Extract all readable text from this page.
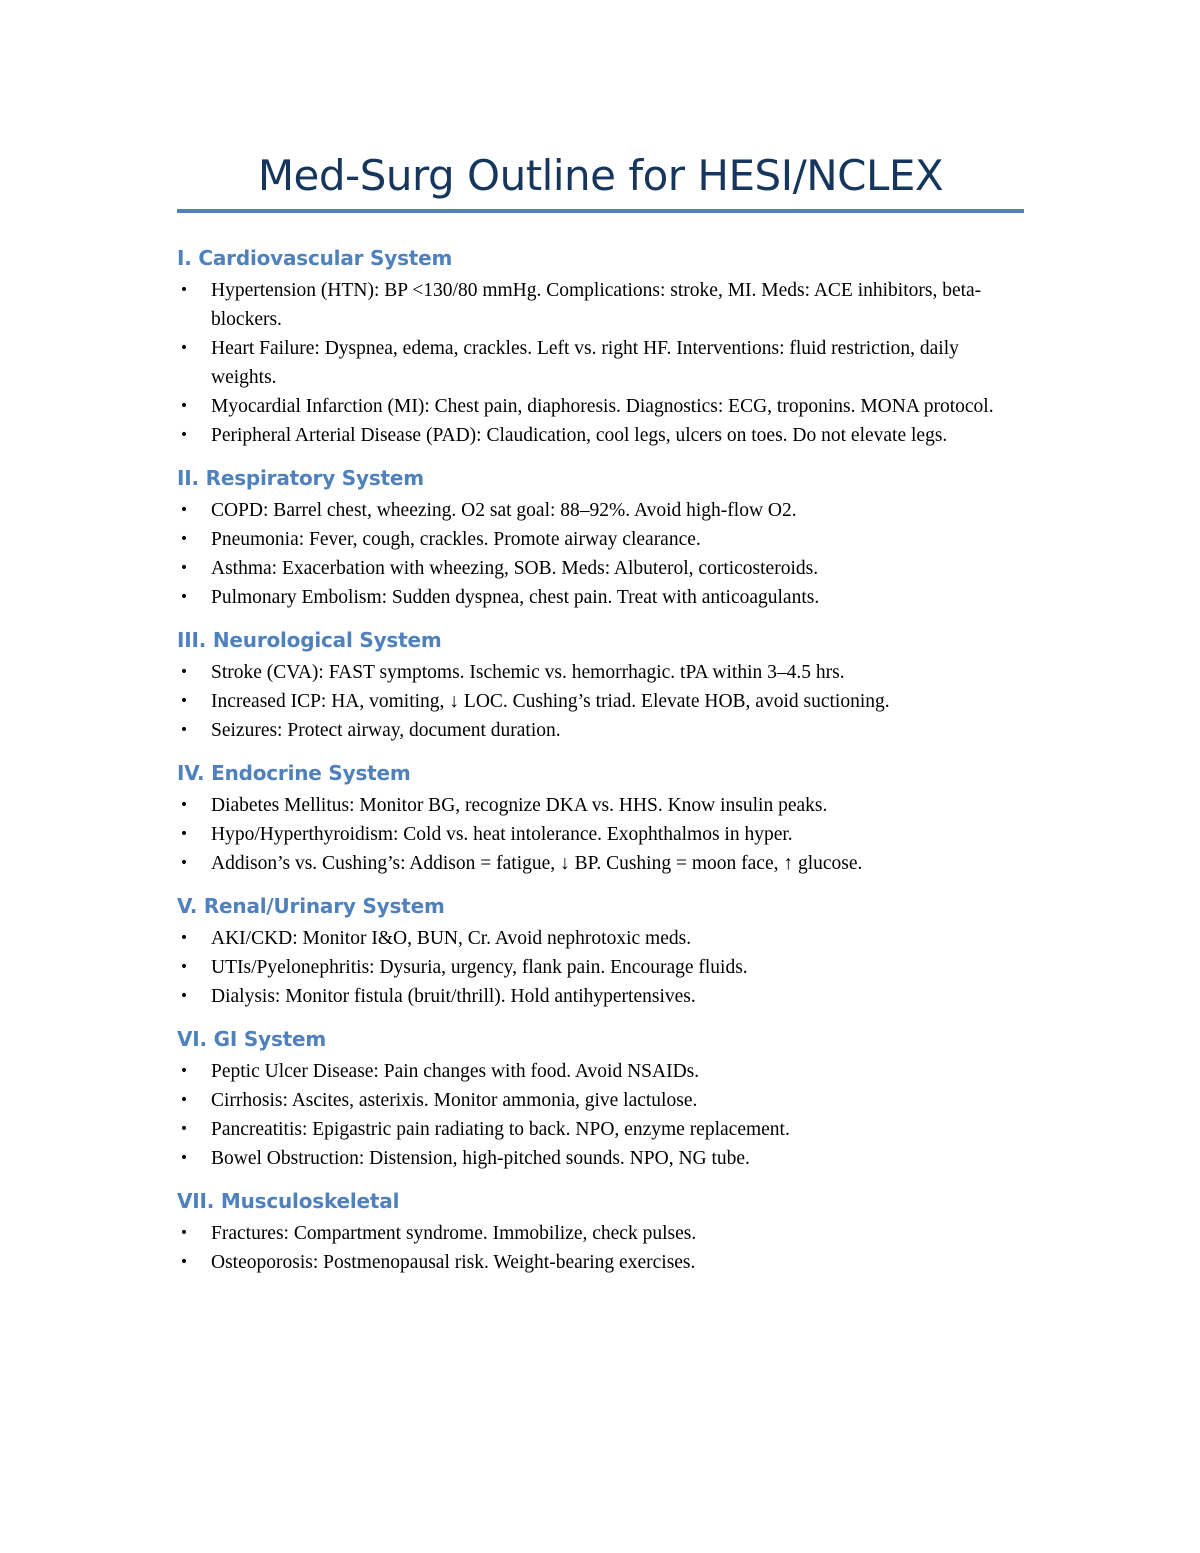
Med-Surg Outline for HESI/NCLEX
I. Cardiovascular System
• Hypertension (HTN): BP <130/80 mmHg. Complications: stroke, MI. Meds: ACE inhibitors, beta-blockers.
• Heart Failure: Dyspnea, edema, crackles. Left vs. right HF. Interventions: fluid restriction, daily weights.
• Myocardial Infarction (MI): Chest pain, diaphoresis. Diagnostics: ECG, troponins. MONA protocol.
• Peripheral Arterial Disease (PAD): Claudication, cool legs, ulcers on toes. Do not elevate legs.
II. Respiratory System
• COPD: Barrel chest, wheezing. O2 sat goal: 88–92%. Avoid high-flow O2.
• Pneumonia: Fever, cough, crackles. Promote airway clearance.
• Asthma: Exacerbation with wheezing, SOB. Meds: Albuterol, corticosteroids.
• Pulmonary Embolism: Sudden dyspnea, chest pain. Treat with anticoagulants.
III. Neurological System
• Stroke (CVA): FAST symptoms. Ischemic vs. hemorrhagic. tPA within 3–4.5 hrs.
• Increased ICP: HA, vomiting, ↓ LOC. Cushing’s triad. Elevate HOB, avoid suctioning.
• Seizures: Protect airway, document duration.
IV. Endocrine System
• Diabetes Mellitus: Monitor BG, recognize DKA vs. HHS. Know insulin peaks.
• Hypo/Hyperthyroidism: Cold vs. heat intolerance. Exophthalmos in hyper.
• Addison’s vs. Cushing’s: Addison = fatigue, ↓ BP. Cushing = moon face, ↑ glucose.
V. Renal/Urinary System
• AKI/CKD: Monitor I&O, BUN, Cr. Avoid nephrotoxic meds.
• UTIs/Pyelonephritis: Dysuria, urgency, flank pain. Encourage fluids.
• Dialysis: Monitor fistula (bruit/thrill). Hold antihypertensives.
VI. GI System
• Peptic Ulcer Disease: Pain changes with food. Avoid NSAIDs.
• Cirrhosis: Ascites, asterixis. Monitor ammonia, give lactulose.
• Pancreatitis: Epigastric pain radiating to back. NPO, enzyme replacement.
• Bowel Obstruction: Distension, high-pitched sounds. NPO, NG tube.
VII. Musculoskeletal
• Fractures: Compartment syndrome. Immobilize, check pulses.
• Osteoporosis: Postmenopausal risk. Weight-bearing exercises.
